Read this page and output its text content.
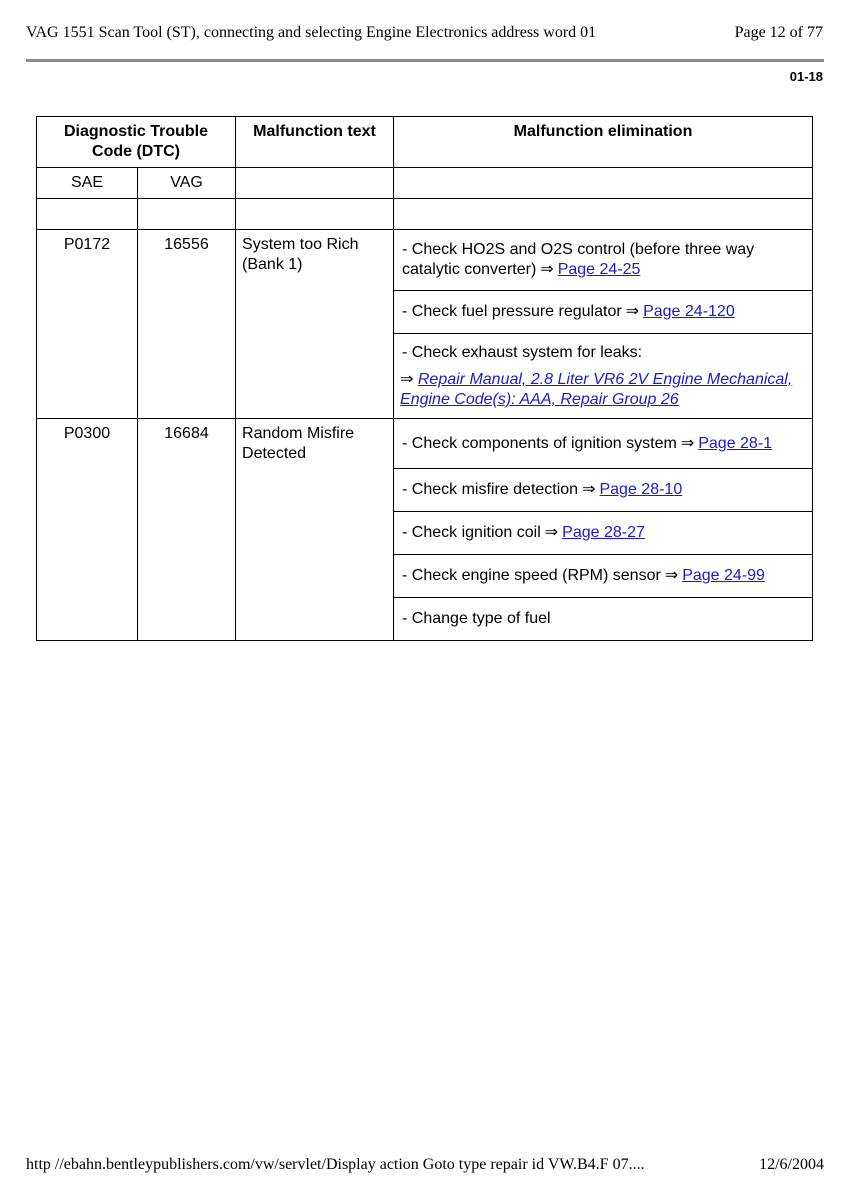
VAG 1551 Scan Tool (ST), connecting and selecting Engine Electronics address word 01	Page 12 of 77
01-18
Diagnostic Trouble Code (DTC)		Malfunction text	Malfunction elimination
SAE	VAG		

P0172	16556	System too Rich (Bank 1)	- Check HO2S and O2S control (before three way catalytic converter) ⇒ Page 24-25

			- Check fuel pressure regulator ⇒ Page 24-120

			- Check exhaust system for leaks:
⇒ Repair Manual, 2.8 Liter VR6 2V Engine Mechanical, Engine Code(s): AAA, Repair Group 26

P0300	16684	Random Misfire Detected	- Check components of ignition system ⇒ Page 28-1

			- Check misfire detection ⇒ Page 28-10

			- Check ignition coil ⇒ Page 28-27

			- Check engine speed (RPM) sensor ⇒ Page 24-99

			- Change type of fuel
http //ebahn.bentleypublishers.com/vw/servlet/Display action Goto type repair id VW.B4.F 07....	12/6/2004
